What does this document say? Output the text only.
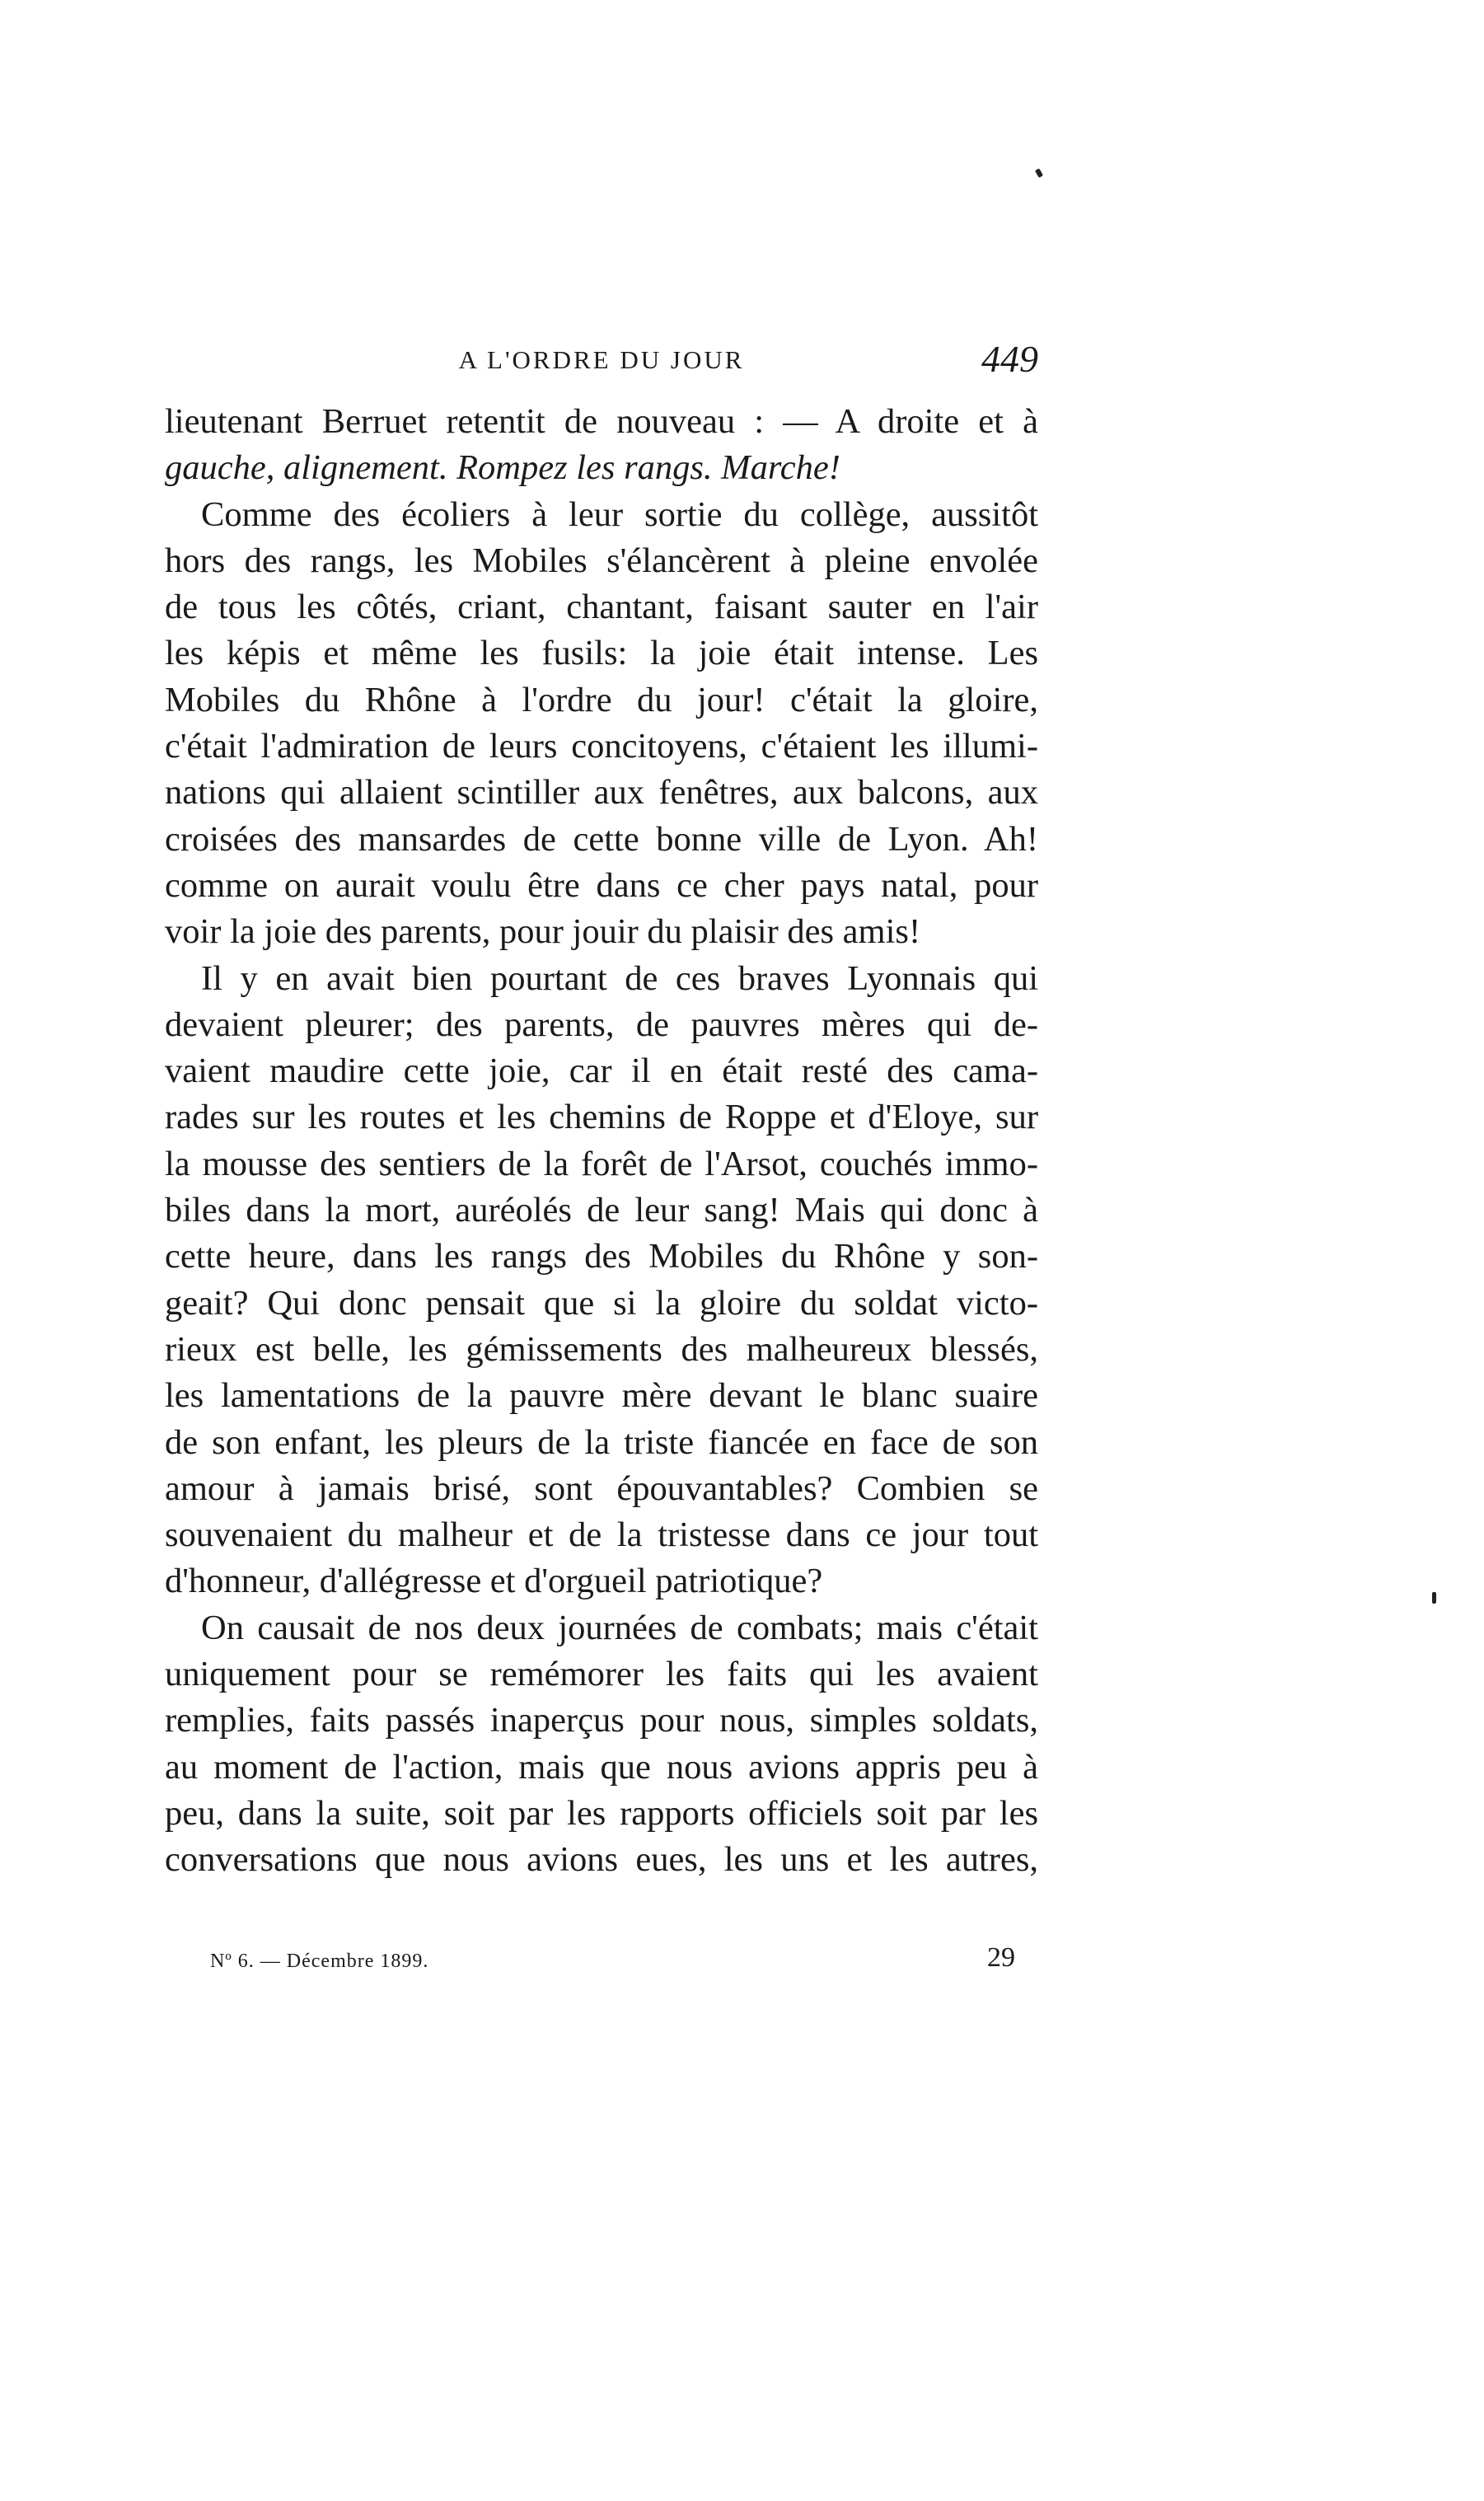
A L'ORDRE DU JOUR	449
lieutenant Berruet retentit de nouveau : — A droite et à
gauche, alignement. Rompez les rangs. Marche!
Comme des écoliers à leur sortie du collège, aussitôt
hors des rangs, les Mobiles s'élancèrent à pleine envolée
de tous les côtés, criant, chantant, faisant sauter en l'air
les képis et même les fusils: la joie était intense. Les
Mobiles du Rhône à l'ordre du jour! c'était la gloire,
c'était l'admiration de leurs concitoyens, c'étaient les illumi-
nations qui allaient scintiller aux fenêtres, aux balcons, aux
croisées des mansardes de cette bonne ville de Lyon. Ah!
comme on aurait voulu être dans ce cher pays natal, pour
voir la joie des parents, pour jouir du plaisir des amis!
Il y en avait bien pourtant de ces braves Lyonnais qui
devaient pleurer; des parents, de pauvres mères qui de-
vaient maudire cette joie, car il en était resté des cama-
rades sur les routes et les chemins de Roppe et d'Eloye, sur
la mousse des sentiers de la forêt de l'Arsot, couchés immo-
biles dans la mort, auréolés de leur sang! Mais qui donc à
cette heure, dans les rangs des Mobiles du Rhône y son-
geait? Qui donc pensait que si la gloire du soldat victo-
rieux est belle, les gémissements des malheureux blessés,
les lamentations de la pauvre mère devant le blanc suaire
de son enfant, les pleurs de la triste fiancée en face de son
amour à jamais brisé, sont épouvantables? Combien se
souvenaient du malheur et de la tristesse dans ce jour tout
d'honneur, d'allégresse et d'orgueil patriotique?
On causait de nos deux journées de combats; mais c'était
uniquement pour se remémorer les faits qui les avaient
remplies, faits passés inaperçus pour nous, simples soldats,
au moment de l'action, mais que nous avions appris peu à
peu, dans la suite, soit par les rapports officiels soit par les
conversations que nous avions eues, les uns et les autres,
Nº 6. — Décembre 1899.	29
